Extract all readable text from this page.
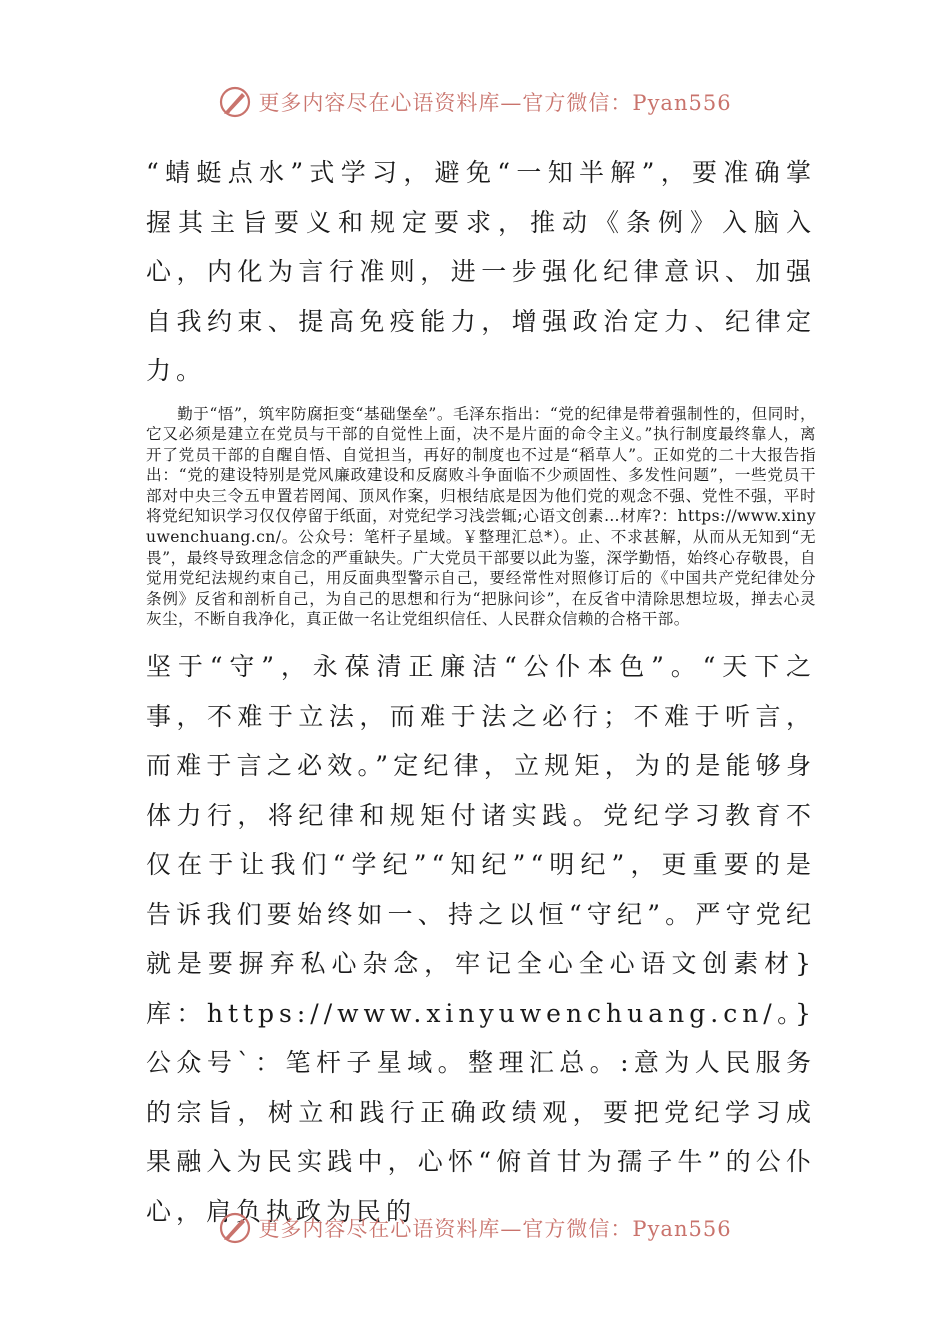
更多内容尽在心语资料库—官方微信：Pyan556

“蜻蜓点水”式学习，避免“一知半解”，要准确掌握其主旨要义和规定要求，推动《条例》入脑入心，内化为言行准则，进一步强化纪律意识、加强自我约束、提高免疫能力，增强政治定力、纪律定力。

勤于“悟”，筑牢防腐拒变“基础堡垒”。毛泽东指出：“党的纪律是带着强制性的，但同时，它又必须是建立在党员与干部的自觉性上面，决不是片面的命令主义。”执行制度最终靠人，离开了党员干部的自醒自悟、自觉担当，再好的制度也不过是“稻草人”。正如党的二十大报告指出：“党的建设特别是党风廉政建设和反腐败斗争面临不少顽固性、多发性问题”，一些党员干部对中央三令五申置若罔闻、顶风作案，归根结底是因为他们党的观念不强、党性不强，平时将党纪知识学习仅仅停留于纸面，对党纪学习浅尝辄;心语文创素…材库?：https://www.xinyuwenchuang.cn/。公众号：笔杆子星域。￥整理汇总*）。止、不求甚解，从而从无知到“无畏”，最终导致理念信念的严重缺失。广大党员干部要以此为鉴，深学勤悟，始终心存敬畏，自觉用党纪法规约束自己，用反面典型警示自己，要经常性对照修订后的《中国共产党纪律处分条例》反省和剖析自己，为自己的思想和行为“把脉问诊”，在反省中清除思想垃圾，掸去心灵灰尘，不断自我净化，真正做一名让党组织信任、人民群众信赖的合格干部。

坚于“守”，永葆清正廉洁“公仆本色”。“天下之事，不难于立法，而难于法之必行；不难于听言，而难于言之必效。”定纪律，立规矩，为的是能够身体力行，将纪律和规矩付诸实践。党纪学习教育不仅在于让我们“学纪”“知纪”“明纪”，更重要的是告诉我们要始终如一、持之以恒“守纪”。严守党纪就是要摒弃私心杂念，牢记全心全心语文创素材}库：https://www.xinyuwenchuang.cn/。}公众号`：笔杆子星域。整理汇总。:意为人民服务的宗旨，树立和践行正确政绩观，要把党纪学习成果融入为民实践中，心怀“俯首甘为孺子牛”的公仆心，肩负执政为民的

更多内容尽在心语资料库—官方微信：Pyan556
